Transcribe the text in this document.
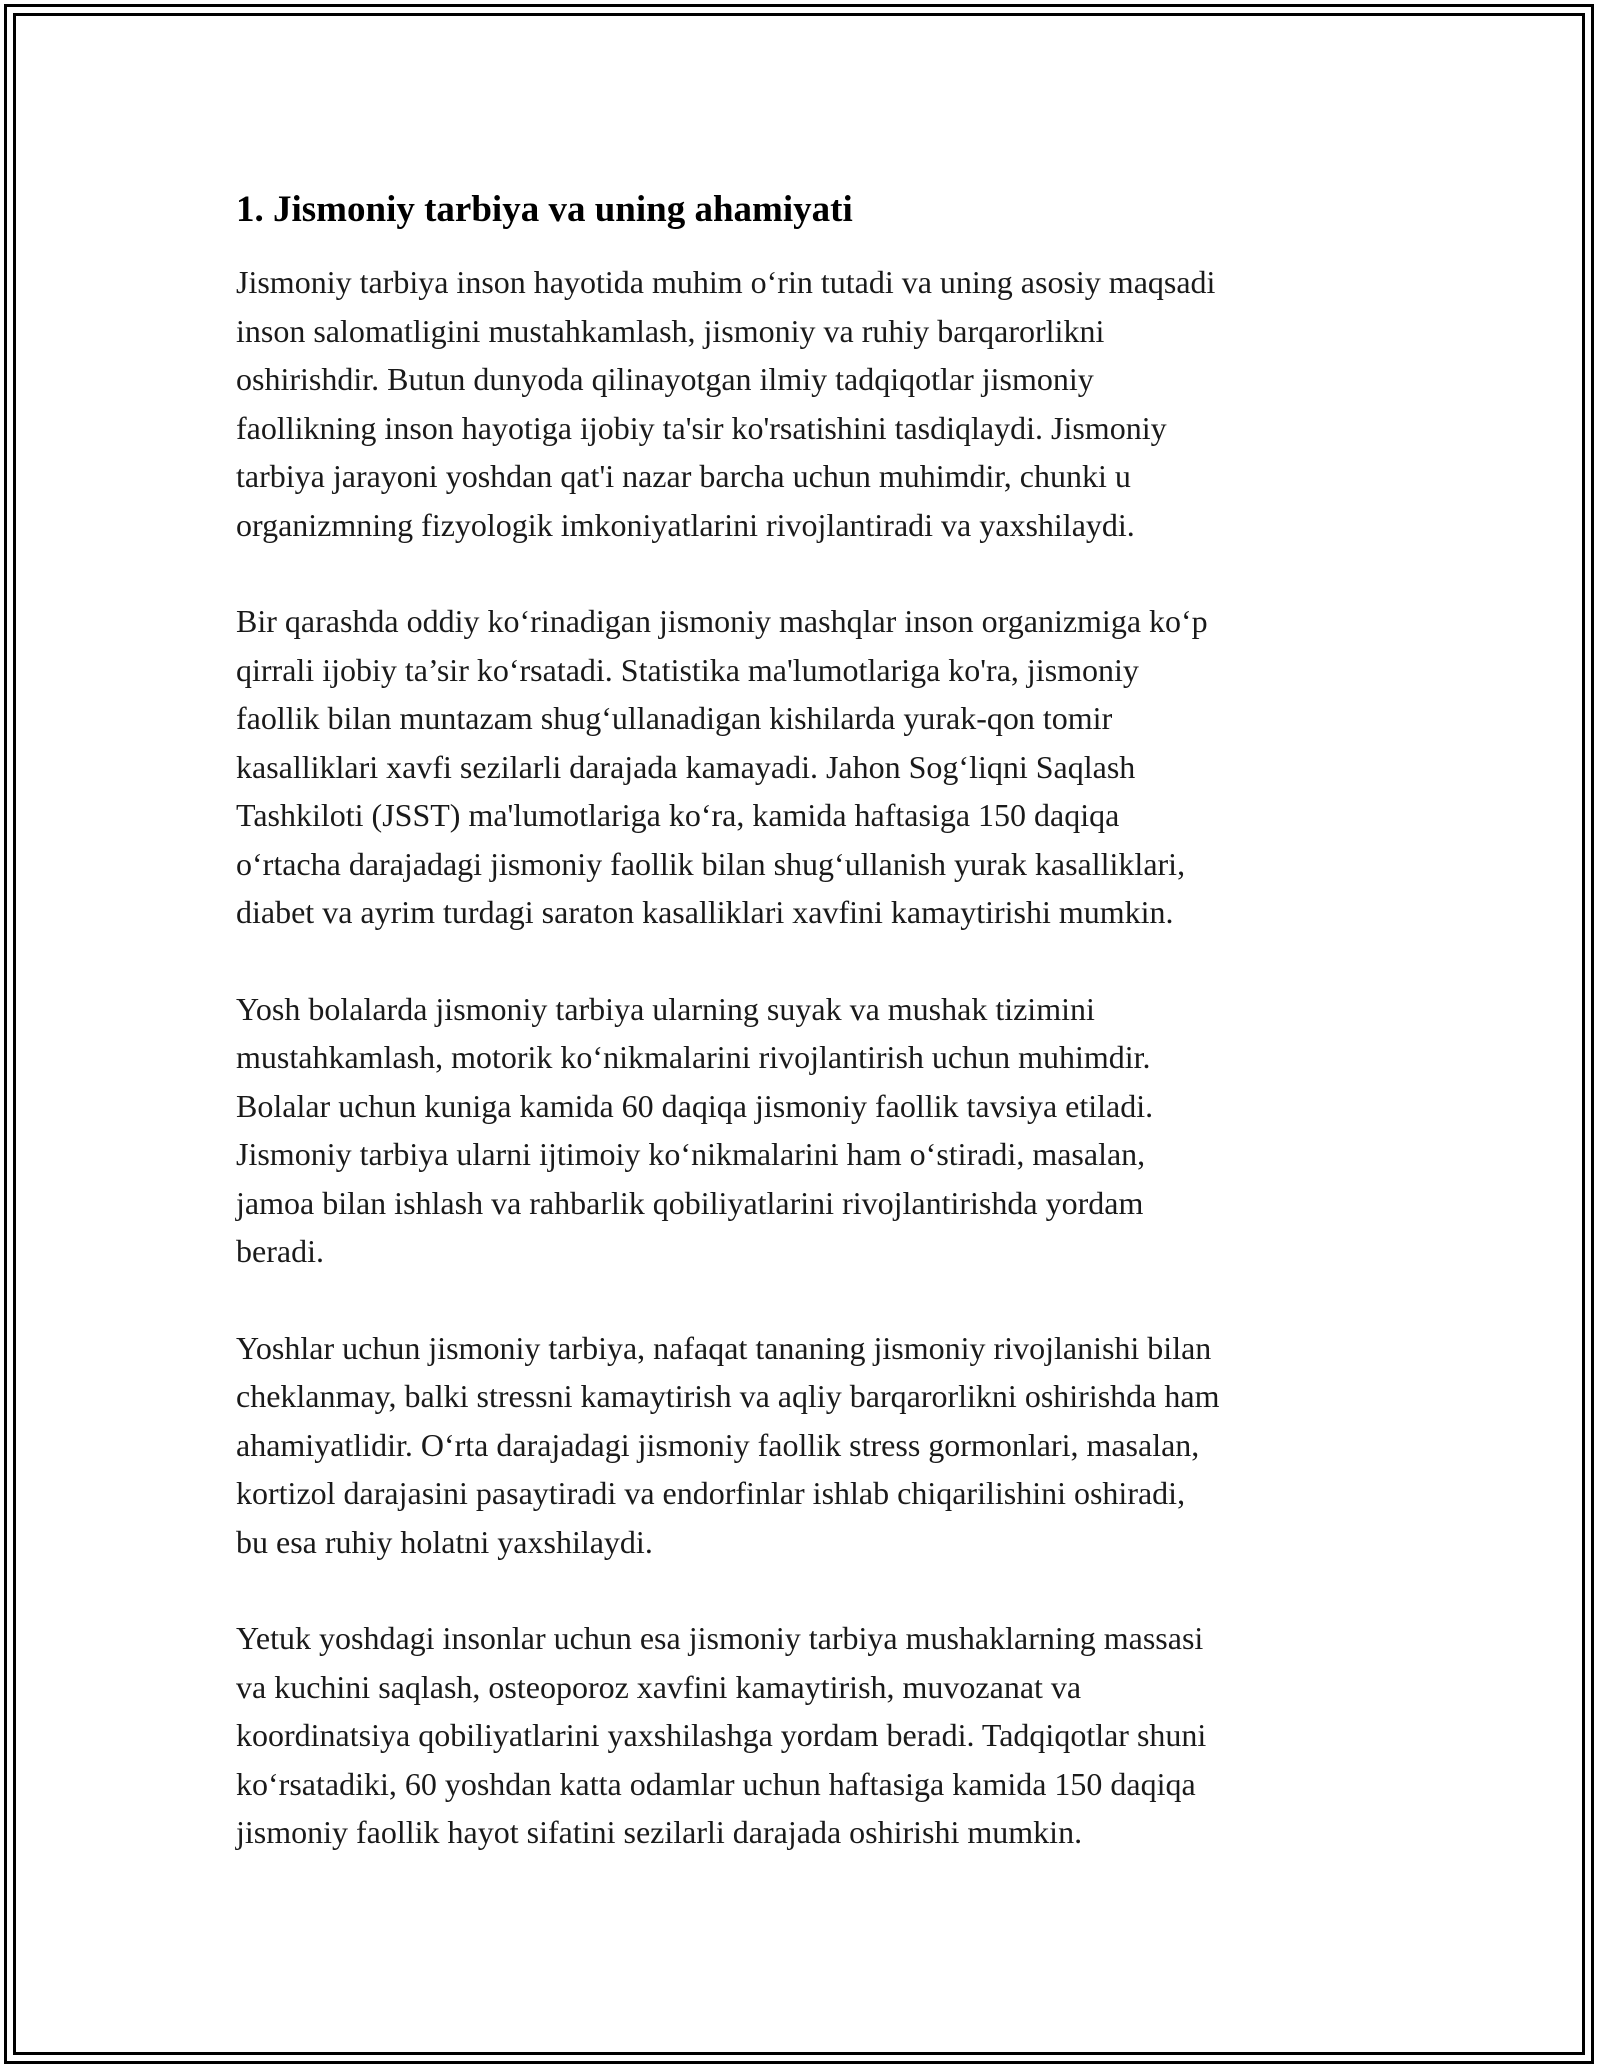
1. Jismoniy tarbiya va uning ahamiyati

Jismoniy tarbiya inson hayotida muhim oʻrin tutadi va uning asosiy maqsadi
inson salomatligini mustahkamlash, jismoniy va ruhiy barqarorlikni
oshirishdir. Butun dunyoda qilinayotgan ilmiy tadqiqotlar jismoniy
faollikning inson hayotiga ijobiy ta'sir ko'rsatishini tasdiqlaydi. Jismoniy
tarbiya jarayoni yoshdan qat'i nazar barcha uchun muhimdir, chunki u
organizmning fizyologik imkoniyatlarini rivojlantiradi va yaxshilaydi.

Bir qarashda oddiy koʻrinadigan jismoniy mashqlar inson organizmiga koʻp
qirrali ijobiy ta’sir koʻrsatadi. Statistika ma'lumotlariga ko'ra, jismoniy
faollik bilan muntazam shugʻullanadigan kishilarda yurak-qon tomir
kasalliklari xavfi sezilarli darajada kamayadi. Jahon Sogʻliqni Saqlash
Tashkiloti (JSST) ma'lumotlariga koʻra, kamida haftasiga 150 daqiqa
oʻrtacha darajadagi jismoniy faollik bilan shugʻullanish yurak kasalliklari,
diabet va ayrim turdagi saraton kasalliklari xavfini kamaytirishi mumkin.

Yosh bolalarda jismoniy tarbiya ularning suyak va mushak tizimini
mustahkamlash, motorik koʻnikmalarini rivojlantirish uchun muhimdir.
Bolalar uchun kuniga kamida 60 daqiqa jismoniy faollik tavsiya etiladi.
Jismoniy tarbiya ularni ijtimoiy koʻnikmalarini ham oʻstiradi, masalan,
jamoa bilan ishlash va rahbarlik qobiliyatlarini rivojlantirishda yordam
beradi.

Yoshlar uchun jismoniy tarbiya, nafaqat tananing jismoniy rivojlanishi bilan
cheklanmay, balki stressni kamaytirish va aqliy barqarorlikni oshirishda ham
ahamiyatlidir. Oʻrta darajadagi jismoniy faollik stress gormonlari, masalan,
kortizol darajasini pasaytiradi va endorfinlar ishlab chiqarilishini oshiradi,
bu esa ruhiy holatni yaxshilaydi.

Yetuk yoshdagi insonlar uchun esa jismoniy tarbiya mushaklarning massasi
va kuchini saqlash, osteoporoz xavfini kamaytirish, muvozanat va
koordinatsiya qobiliyatlarini yaxshilashga yordam beradi. Tadqiqotlar shuni
koʻrsatadiki, 60 yoshdan katta odamlar uchun haftasiga kamida 150 daqiqa
jismoniy faollik hayot sifatini sezilarli darajada oshirishi mumkin.
